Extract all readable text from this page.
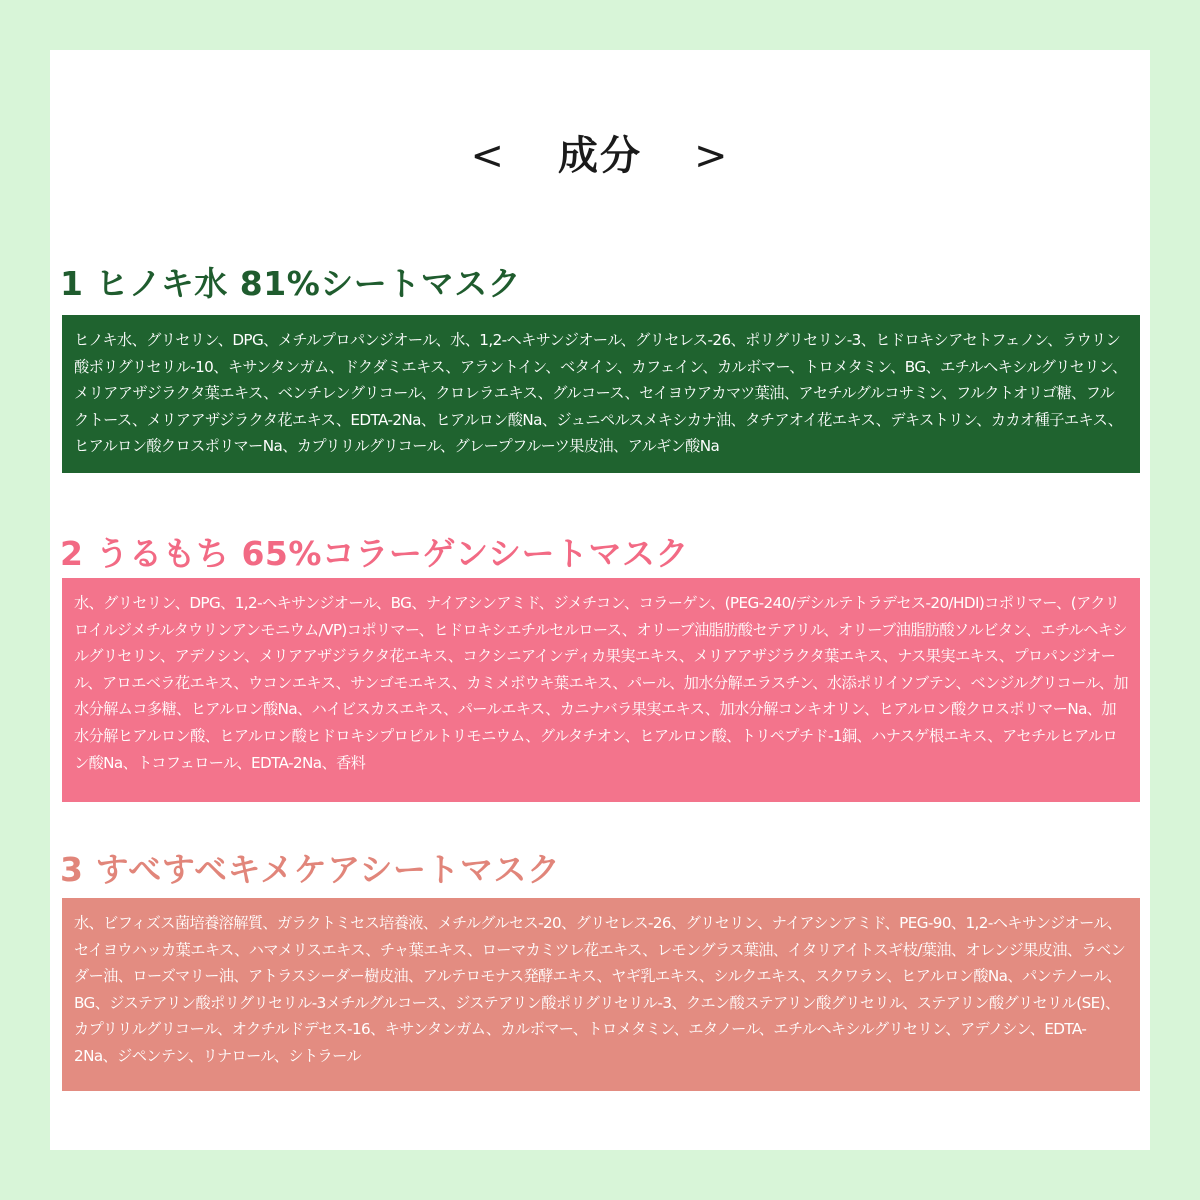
< 成分 >
1 ヒノキ水 81%シートマスク
ヒノキ水、グリセリン、DPG、メチルプロパンジオール、水、1,2-ヘキサンジオール、グリセレス-26、ポリグリセリン-3、ヒドロキシアセトフェノン、ラウリン酸ポリグリセリル-10、キサンタンガム、ドクダミエキス、アラントイン、ベタイン、カフェイン、カルボマー、トロメタミン、BG、エチルヘキシルグリセリン、メリアアザジラクタ葉エキス、ベンチレングリコール、クロレラエキス、グルコース、セイヨウアカマツ葉油、アセチルグルコサミン、フルクトオリゴ糖、フルクトース、メリアアザジラクタ花エキス、EDTA-2Na、ヒアルロン酸Na、ジュニペルスメキシカナ油、タチアオイ花エキス、デキストリン、カカオ種子エキス、ヒアルロン酸クロスポリマーNa、カプリリルグリコール、グレープフルーツ果皮油、アルギン酸Na
2 うるもち 65%コラーゲンシートマスク
水、グリセリン、DPG、1,2-ヘキサンジオール、BG、ナイアシンアミド、ジメチコン、コラーゲン、(PEG-240/デシルテトラデセス-20/HDI)コポリマー、(アクリロイルジメチルタウリンアンモニウム/VP)コポリマー、ヒドロキシエチルセルロース、オリーブ油脂肪酸セテアリル、オリーブ油脂肪酸ソルビタン、エチルヘキシルグリセリン、アデノシン、メリアアザジラクタ花エキス、コクシニアインディカ果実エキス、メリアアザジラクタ葉エキス、ナス果実エキス、プロパンジオール、アロエベラ花エキス、ウコンエキス、サンゴモエキス、カミメボウキ葉エキス、パール、加水分解エラスチン、水添ポリイソブテン、ベンジルグリコール、加水分解ムコ多糖、ヒアルロン酸Na、ハイビスカスエキス、パールエキス、カニナバラ果実エキス、加水分解コンキオリン、ヒアルロン酸クロスポリマーNa、加水分解ヒアルロン酸、ヒアルロン酸ヒドロキシプロピルトリモニウム、グルタチオン、ヒアルロン酸、トリペプチド-1銅、ハナスゲ根エキス、アセチルヒアルロン酸Na、トコフェロール、EDTA-2Na、香料
3 すべすベキメケアシートマスク
水、ビフィズス菌培養溶解質、ガラクトミセス培養液、メチルグルセス-20、グリセレス-26、グリセリン、ナイアシンアミド、PEG-90、1,2-ヘキサンジオール、セイヨウハッカ葉エキス、ハマメリスエキス、チャ葉エキス、ローマカミツレ花エキス、レモングラス葉油、イタリアイトスギ枝/葉油、オレンジ果皮油、ラベンダー油、ローズマリー油、アトラスシーダー樹皮油、アルテロモナス発酵エキス、ヤギ乳エキス、シルクエキス、スクワラン、ヒアルロン酸Na、パンテノール、BG、ジステアリン酸ポリグリセリル-3メチルグルコース、ジステアリン酸ポリグリセリル-3、クエン酸ステアリン酸グリセリル、ステアリン酸グリセリル(SE)、カプリリルグリコール、オクチルドデセス-16、キサンタンガム、カルボマー、トロメタミン、エタノール、エチルヘキシルグリセリン、アデノシン、EDTA-2Na、ジペンテン、リナロール、シトラール
